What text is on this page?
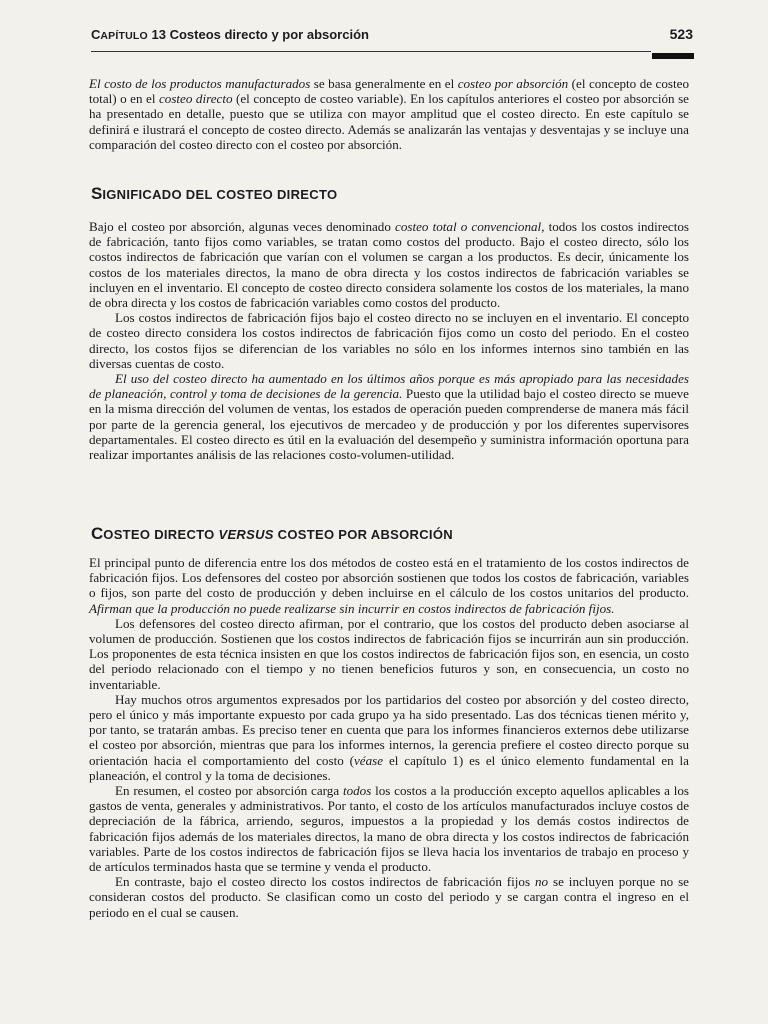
CAPÍTULO 13 Costeos directo y por absorción	523

El costo de los productos manufacturados se basa generalmente en el costeo por absorción (el concepto de costeo total) o en el costeo directo (el concepto de costeo variable). En los capítulos anteriores el costeo por absorción se ha presentado en detalle, puesto que se utiliza con mayor amplitud que el costeo directo. En este capítulo se definirá e ilustrará el concepto de costeo directo. Además se analizarán las ventajas y desventajas y se incluye una comparación del costeo directo con el costeo por absorción.

SIGNIFICADO DEL COSTEO DIRECTO

Bajo el costeo por absorción, algunas veces denominado costeo total o convencional, todos los costos indirectos de fabricación, tanto fijos como variables, se tratan como costos del producto. Bajo el costeo directo, sólo los costos indirectos de fabricación que varían con el volumen se cargan a los productos. Es decir, únicamente los costos de los materiales directos, la mano de obra directa y los costos indirectos de fabricación variables se incluyen en el inventario. El concepto de costeo directo considera solamente los costos de los materiales, la mano de obra directa y los costos de fabricación variables como costos del producto.

Los costos indirectos de fabricación fijos bajo el costeo directo no se incluyen en el inventario. El concepto de costeo directo considera los costos indirectos de fabricación fijos como un costo del periodo. En el costeo directo, los costos fijos se diferencian de los variables no sólo en los informes internos sino también en las diversas cuentas de costo.

El uso del costeo directo ha aumentado en los últimos años porque es más apropiado para las necesidades de planeación, control y toma de decisiones de la gerencia. Puesto que la utilidad bajo el costeo directo se mueve en la misma dirección del volumen de ventas, los estados de operación pueden comprenderse de manera más fácil por parte de la gerencia general, los ejecutivos de mercadeo y de producción y por los diferentes supervisores departamentales. El costeo directo es útil en la evaluación del desempeño y suministra información oportuna para realizar importantes análisis de las relaciones costo-volumen-utilidad.

COSTEO DIRECTO VERSUS COSTEO POR ABSORCIÓN

El principal punto de diferencia entre los dos métodos de costeo está en el tratamiento de los costos indirectos de fabricación fijos. Los defensores del costeo por absorción sostienen que todos los costos de fabricación, variables o fijos, son parte del costo de producción y deben incluirse en el cálculo de los costos unitarios del producto. Afirman que la producción no puede realizarse sin incurrir en costos indirectos de fabricación fijos.

Los defensores del costeo directo afirman, por el contrario, que los costos del producto deben asociarse al volumen de producción. Sostienen que los costos indirectos de fabricación fijos se incurrirán aun sin producción. Los proponentes de esta técnica insisten en que los costos indirectos de fabricación fijos son, en esencia, un costo del periodo relacionado con el tiempo y no tienen beneficios futuros y son, en consecuencia, un costo no inventariable.

Hay muchos otros argumentos expresados por los partidarios del costeo por absorción y del costeo directo, pero el único y más importante expuesto por cada grupo ya ha sido presentado. Las dos técnicas tienen mérito y, por tanto, se tratarán ambas. Es preciso tener en cuenta que para los informes financieros externos debe utilizarse el costeo por absorción, mientras que para los informes internos, la gerencia prefiere el costeo directo porque su orientación hacia el comportamiento del costo (véase el capítulo 1) es el único elemento fundamental en la planeación, el control y la toma de decisiones.

En resumen, el costeo por absorción carga todos los costos a la producción excepto aquellos aplicables a los gastos de venta, generales y administrativos. Por tanto, el costo de los artículos manufacturados incluye costos de depreciación de la fábrica, arriendo, seguros, impuestos a la propiedad y los demás costos indirectos de fabricación fijos además de los materiales directos, la mano de obra directa y los costos indirectos de fabricación variables. Parte de los costos indirectos de fabricación fijos se lleva hacia los inventarios de trabajo en proceso y de artículos terminados hasta que se termine y venda el producto.

En contraste, bajo el costeo directo los costos indirectos de fabricación fijos no se incluyen porque no se consideran costos del producto. Se clasifican como un costo del periodo y se cargan contra el ingreso en el periodo en el cual se causen.
